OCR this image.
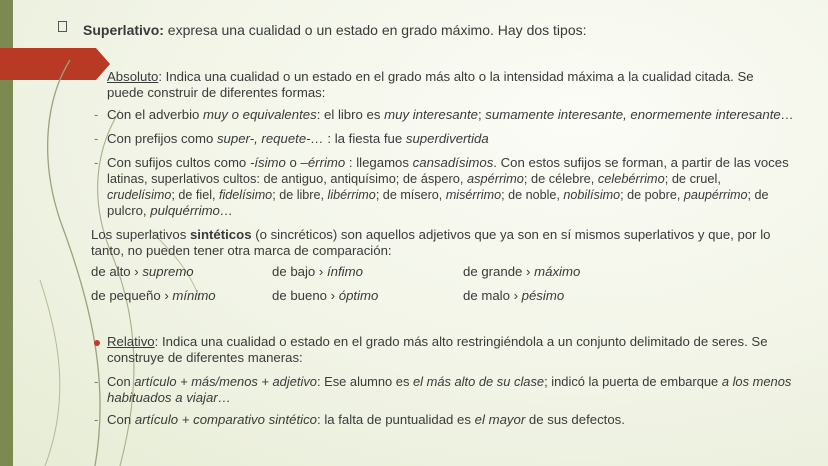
Superlativo: expresa una cualidad o un estado en grado máximo. Hay dos tipos:
Absoluto: Indica una cualidad o un estado en el grado más alto o la intensidad máxima a la cualidad citada. Se
puede construir de diferentes formas:
- Con el adverbio muy o equivalentes: el libro es muy interesante; sumamente interesante, enormemente interesante…
- Con prefijos como super-, requete-… : la fiesta fue superdivertida
- Con sufijos cultos como -ísimo o –érrimo : llegamos cansadísimos. Con estos sufijos se forman, a partir de las voces
latinas, superlativos cultos: de antiguo, antiquísimo; de áspero, aspérrimo; de célebre, celebérrimo; de cruel,
crudelísimo; de fiel, fidelísimo; de libre, libérrimo; de mísero, misérrimo; de noble, nobilísimo; de pobre, paupérrimo; de
pulcro, pulquérrimo…
Los superlativos sintéticos (o sincréticos) son aquellos adjetivos que ya son en sí mismos superlativos y que, por lo
tanto, no pueden tener otra marca de comparación:
de alto › supremo	de bajo › ínfimo	de grande › máximo
de pequeño › mínimo	de bueno › óptimo	de malo › pésimo
Relativo: Indica una cualidad o estado en el grado más alto restringiéndola a un conjunto delimitado de seres. Se
construye de diferentes maneras:
- Con artículo + más/menos + adjetivo: Ese alumno es el más alto de su clase; indicó la puerta de embarque a los menos
habituados a viajar…
- Con artículo + comparativo sintético: la falta de puntualidad es el mayor de sus defectos.
